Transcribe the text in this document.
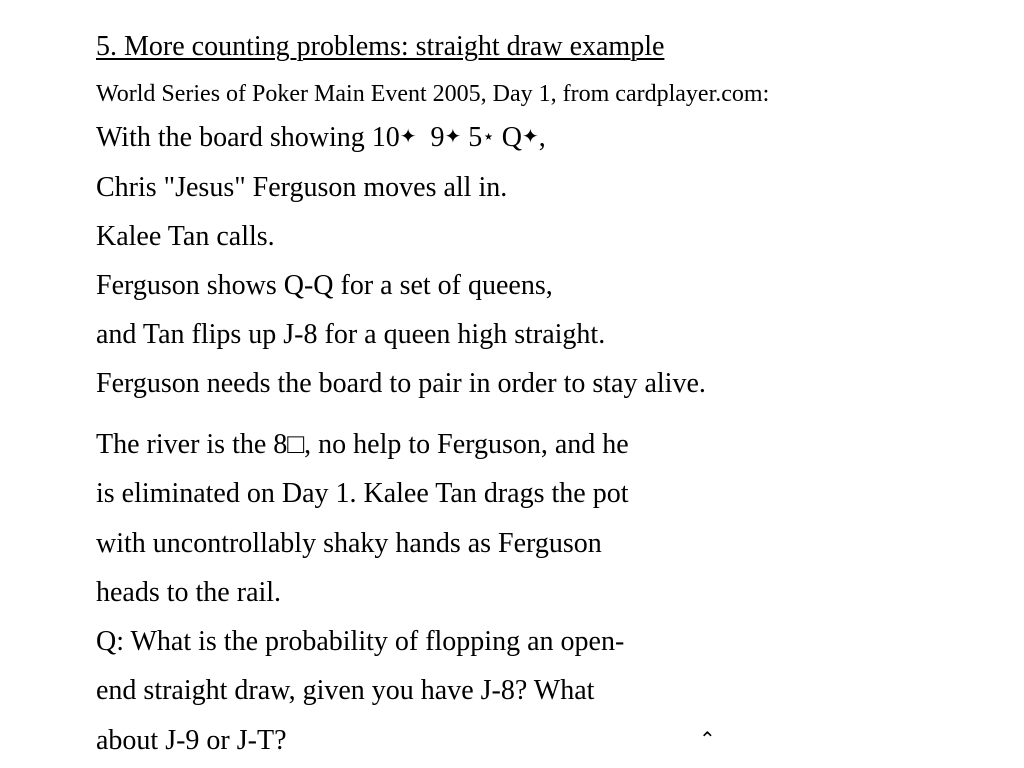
5. More counting problems: straight draw example
World Series of Poker Main Event 2005, Day 1, from cardplayer.com:
With the board showing 10✦ 9✦ 5⋆ Q✦,
Chris "Jesus" Ferguson moves all in.
Kalee Tan calls.
Ferguson shows Q-Q for a set of queens,
and Tan flips up J-8 for a queen high straight.
Ferguson needs the board to pair in order to stay alive.
The river is the 8□, no help to Ferguson, and he
is eliminated on Day 1. Kalee Tan drags the pot
with uncontrollably shaky hands as Ferguson
heads to the rail.
Q: What is the probability of flopping an open-
end straight draw, given you have J-8? What
about J-9 or J-T?	⌃
